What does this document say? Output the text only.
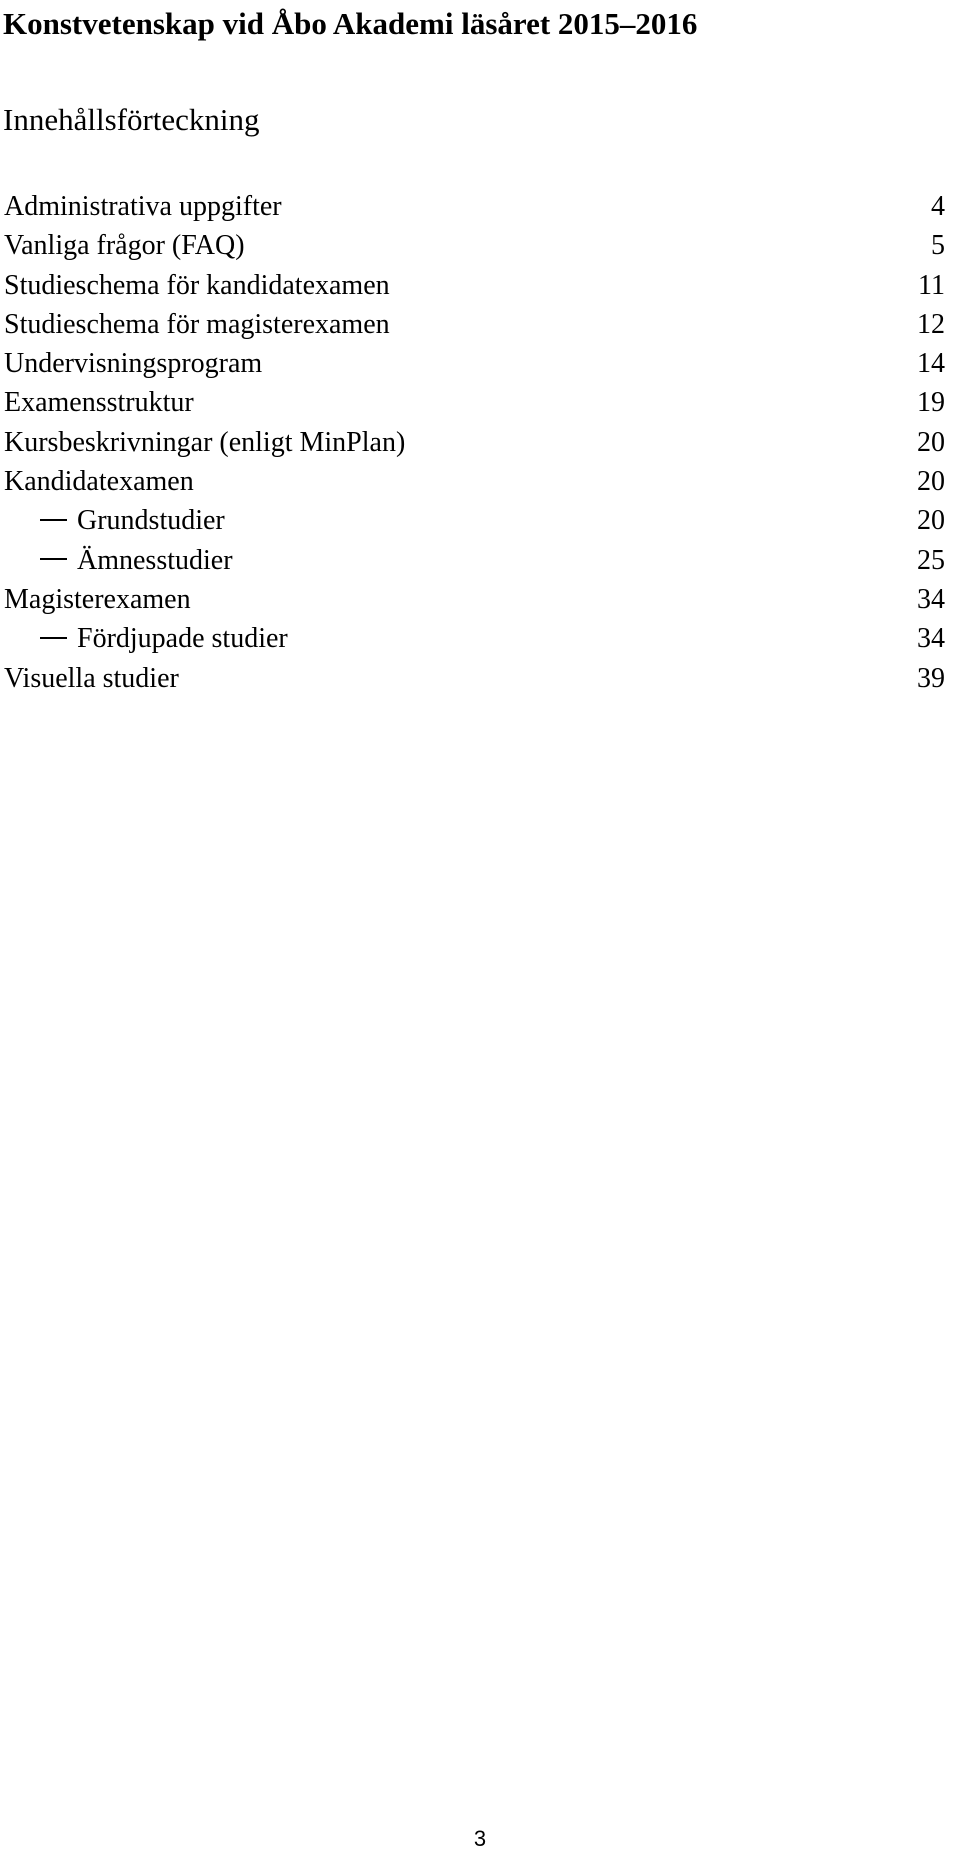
Konstvetenskap vid Åbo Akademi läsåret 2015–2016
Innehållsförteckning
Administrativa uppgifter	4
Vanliga frågor (FAQ)	5
Studieschema för kandidatexamen	11
Studieschema för magisterexamen	12
Undervisningsprogram	14
Examensstruktur	19
Kursbeskrivningar (enligt MinPlan)	20
Kandidatexamen	20
Grundstudier	20
Ämnesstudier	25
Magisterexamen	34
Fördjupade studier	34
Visuella studier	39
3
